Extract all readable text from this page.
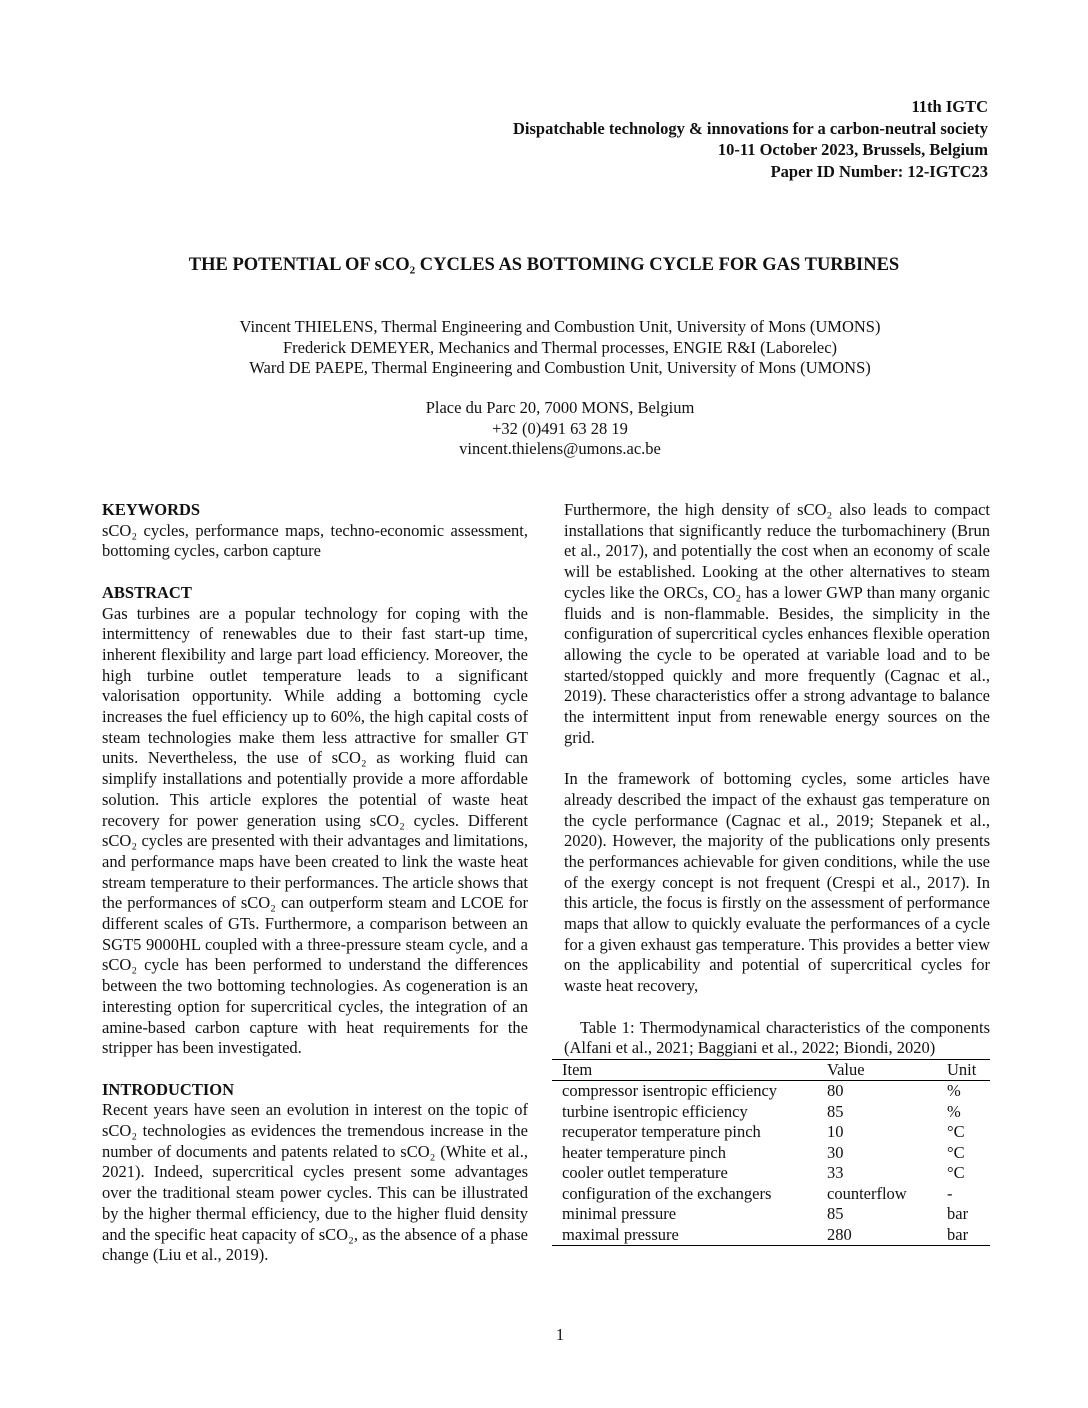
11th IGTC
Dispatchable technology & innovations for a carbon-neutral society
10-11 October 2023, Brussels, Belgium
Paper ID Number: 12-IGTC23
THE POTENTIAL OF sCO₂ CYCLES AS BOTTOMING CYCLE FOR GAS TURBINES
Vincent THIELENS, Thermal Engineering and Combustion Unit, University of Mons (UMONS)
Frederick DEMEYER, Mechanics and Thermal processes, ENGIE R&I (Laborelec)
Ward DE PAEPE, Thermal Engineering and Combustion Unit, University of Mons (UMONS)
Place du Parc 20, 7000 MONS, Belgium
+32 (0)491 63 28 19
vincent.thielens@umons.ac.be

KEYWORDS

sCO₂ cycles, performance maps, techno-economic assessment, bottoming cycles, carbon capture

ABSTRACT

Gas turbines are a popular technology for coping with the intermittency of renewables due to their fast start-up time, inherent flexibility and large part load efficiency. Moreover, the high turbine outlet temperature leads to a significant valorisation opportunity. While adding a bottoming cycle increases the fuel efficiency up to 60%, the high capital costs of steam technologies make them less attractive for smaller GT units. Nevertheless, the use of sCO₂ as working fluid can simplify installations and potentially provide a more affordable solution. This article explores the potential of waste heat recovery for power generation using sCO₂ cycles. Different sCO₂ cycles are presented with their advantages and limitations, and performance maps have been created to link the waste heat stream temperature to their performances. The article shows that the performances of sCO₂ can outperform steam and LCOE for different scales of GTs. Furthermore, a comparison between an SGT5 9000HL coupled with a three-pressure steam cycle, and a sCO₂ cycle has been performed to understand the differences between the two bottoming technologies. As cogeneration is an interesting option for supercritical cycles, the integration of an amine-based carbon capture with heat requirements for the stripper has been investigated.

INTRODUCTION

Recent years have seen an evolution in interest on the topic of sCO₂ technologies as evidences the tremendous increase in the number of documents and patents related to sCO₂ (White et al., 2021). Indeed, supercritical cycles present some advantages over the traditional steam power cycles. This can be illustrated by the higher thermal efficiency, due to the higher fluid density and the specific heat capacity of sCO₂, as the absence of a phase change (Liu et al., 2019).

Furthermore, the high density of sCO₂ also leads to compact installations that significantly reduce the turbomachinery (Brun et al., 2017), and potentially the cost when an economy of scale will be established. Looking at the other alternatives to steam cycles like the ORCs, CO₂ has a lower GWP than many organic fluids and is non-flammable. Besides, the simplicity in the configuration of supercritical cycles enhances flexible operation allowing the cycle to be operated at variable load and to be started/stopped quickly and more frequently (Cagnac et al., 2019). These characteristics offer a strong advantage to balance the intermittent input from renewable energy sources on the grid.

In the framework of bottoming cycles, some articles have already described the impact of the exhaust gas temperature on the cycle performance (Cagnac et al., 2019; Stepanek et al., 2020). However, the majority of the publications only presents the performances achievable for given conditions, while the use of the exergy concept is not frequent (Crespi et al., 2017). In this article, the focus is firstly on the assessment of performance maps that allow to quickly evaluate the performances of a cycle for a given exhaust gas temperature. This provides a better view on the applicability and potential of supercritical cycles for waste heat recovery,

Table 1: Thermodynamical characteristics of the components (Alfani et al., 2021; Baggiani et al., 2022; Biondi, 2020)

Item	Value	Unit
compressor isentropic efficiency	80	%
turbine isentropic efficiency	85	%
recuperator temperature pinch	10	°C
heater temperature pinch	30	°C
cooler outlet temperature	33	°C
configuration of the exchangers	counterflow	-
minimal pressure	85	bar
maximal pressure	280	bar
1
